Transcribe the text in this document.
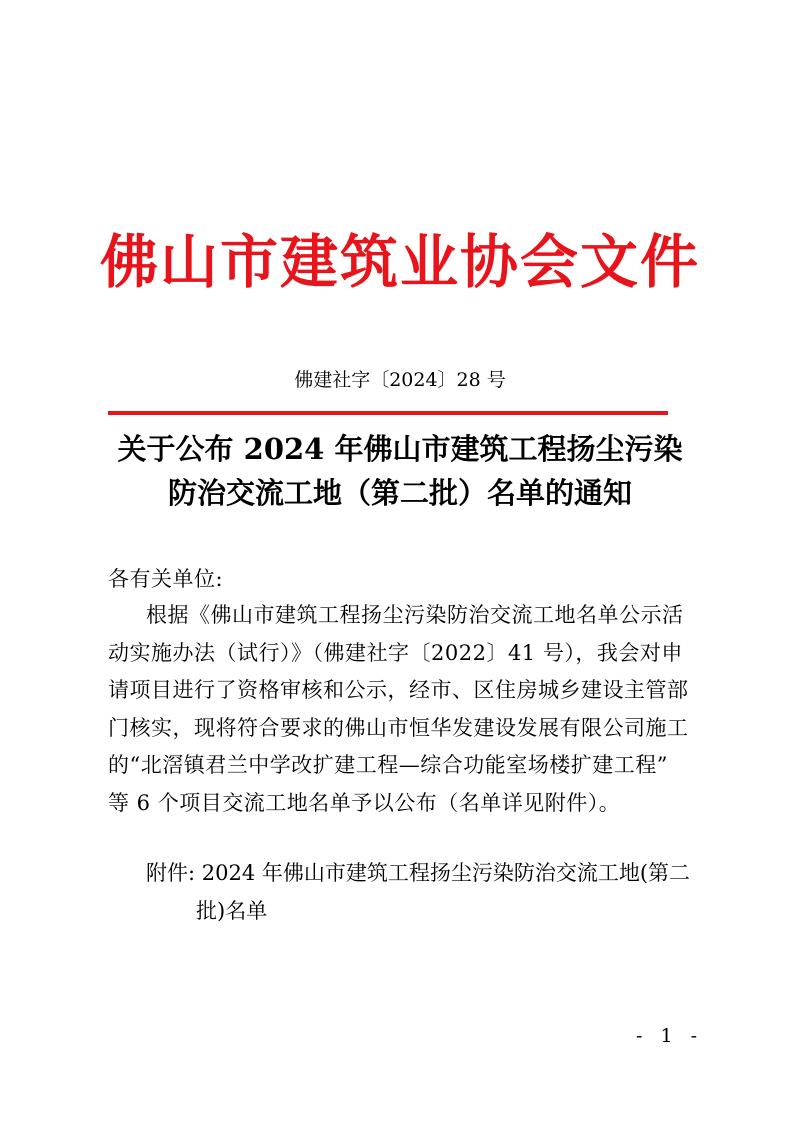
佛山市建筑业协会文件
佛建社字〔2024〕28 号
关于公布 2024 年佛山市建筑工程扬尘污染
防治交流工地（第二批）名单的通知
各有关单位:
根据《佛山市建筑工程扬尘污染防治交流工地名单公示活
动实施办法（试行）》（佛建社字〔2022〕41 号），我会对申
请项目进行了资格审核和公示，经市、区住房城乡建设主管部
门核实，现将符合要求的佛山市恒华发建设发展有限公司施工
的“北滘镇君兰中学改扩建工程—综合功能室场楼扩建工程”
等 6 个项目交流工地名单予以公布（名单详见附件）。
附件: 2024 年佛山市建筑工程扬尘污染防治交流工地(第二
批)名单
- 1 -
